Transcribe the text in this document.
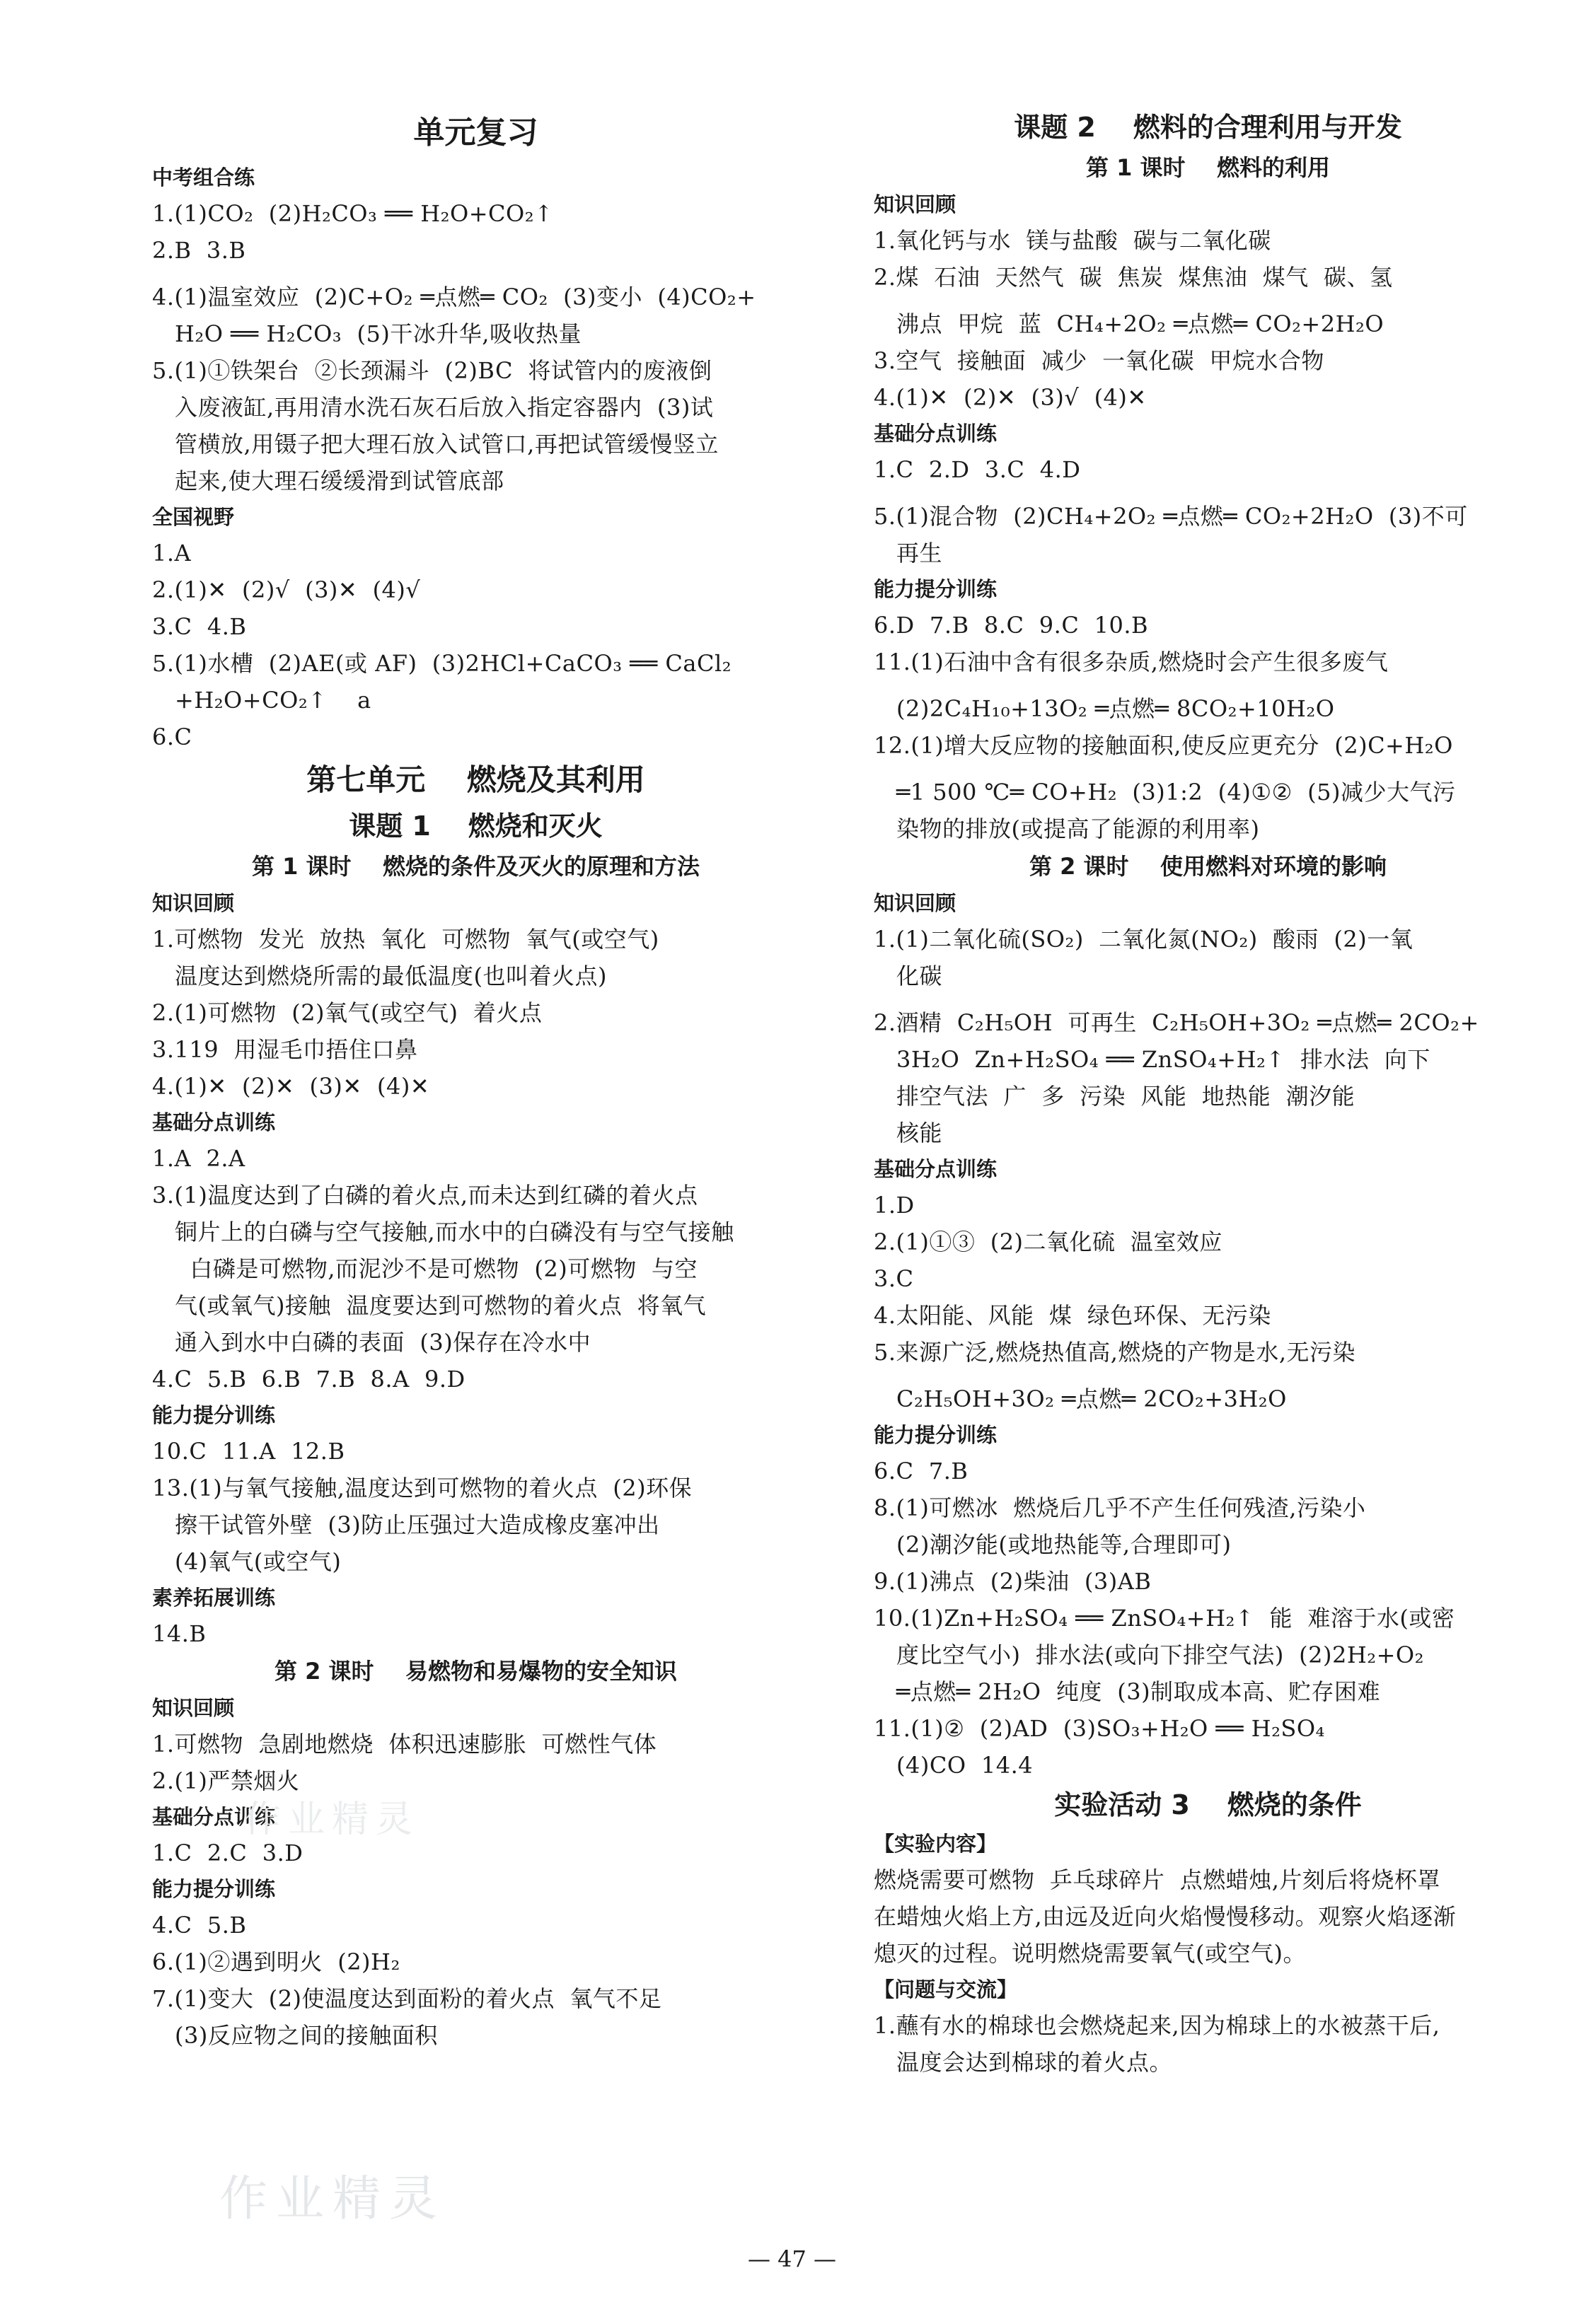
单元复习
中考组合练
1.(1)CO₂  (2)H₂CO₃ ══ H₂O+CO₂↑
2.B  3.B
4.(1)温室效应  (2)C+O₂ ═点燃═ CO₂  (3)变小  (4)CO₂+
H₂O ══ H₂CO₃  (5)干冰升华,吸收热量
5.(1)①铁架台  ②长颈漏斗  (2)BC  将试管内的废液倒
入废液缸,再用清水洗石灰石后放入指定容器内  (3)试
管横放,用镊子把大理石放入试管口,再把试管缓慢竖立
起来,使大理石缓缓滑到试管底部
全国视野
1.A
2.(1)✕  (2)√  (3)✕  (4)√
3.C  4.B
5.(1)水槽  (2)AE(或 AF)  (3)2HCl+CaCO₃ ══ CaCl₂
+H₂O+CO₂↑    a
6.C
第七单元    燃烧及其利用
课题 1    燃烧和灭火
第 1 课时    燃烧的条件及灭火的原理和方法
知识回顾
1.可燃物  发光  放热  氧化  可燃物  氧气(或空气)
温度达到燃烧所需的最低温度(也叫着火点)
2.(1)可燃物  (2)氧气(或空气)  着火点
3.119  用湿毛巾捂住口鼻
4.(1)✕  (2)✕  (3)✕  (4)✕
基础分点训练
1.A  2.A
3.(1)温度达到了白磷的着火点,而未达到红磷的着火点
铜片上的白磷与空气接触,而水中的白磷没有与空气接触
白磷是可燃物,而泥沙不是可燃物  (2)可燃物  与空
气(或氧气)接触  温度要达到可燃物的着火点  将氧气
通入到水中白磷的表面  (3)保存在冷水中
4.C  5.B  6.B  7.B  8.A  9.D
能力提分训练
10.C  11.A  12.B
13.(1)与氧气接触,温度达到可燃物的着火点  (2)环保
擦干试管外壁  (3)防止压强过大造成橡皮塞冲出
(4)氧气(或空气)
素养拓展训练
14.B
第 2 课时    易燃物和易爆物的安全知识
知识回顾
1.可燃物  急剧地燃烧  体积迅速膨胀  可燃性气体
2.(1)严禁烟火
基础分点训练
1.C  2.C  3.D
能力提分训练
4.C  5.B
6.(1)②遇到明火  (2)H₂
7.(1)变大  (2)使温度达到面粉的着火点  氧气不足
(3)反应物之间的接触面积
课题 2    燃料的合理利用与开发
第 1 课时    燃料的利用
知识回顾
1.氧化钙与水  镁与盐酸  碳与二氧化碳
2.煤  石油  天然气  碳  焦炭  煤焦油  煤气  碳、氢
沸点  甲烷  蓝  CH₄+2O₂ ═点燃═ CO₂+2H₂O
3.空气  接触面  减少  一氧化碳  甲烷水合物
4.(1)✕  (2)✕  (3)√  (4)✕
基础分点训练
1.C  2.D  3.C  4.D
5.(1)混合物  (2)CH₄+2O₂ ═点燃═ CO₂+2H₂O  (3)不可
再生
能力提分训练
6.D  7.B  8.C  9.C  10.B
11.(1)石油中含有很多杂质,燃烧时会产生很多废气
(2)2C₄H₁₀+13O₂ ═点燃═ 8CO₂+10H₂O
12.(1)增大反应物的接触面积,使反应更充分  (2)C+H₂O
═1 500 ℃═ CO+H₂  (3)1:2  (4)①②  (5)减少大气污
染物的排放(或提高了能源的利用率)
第 2 课时    使用燃料对环境的影响
知识回顾
1.(1)二氧化硫(SO₂)  二氧化氮(NO₂)  酸雨  (2)一氧
化碳
2.酒精  C₂H₅OH  可再生  C₂H₅OH+3O₂ ═点燃═ 2CO₂+
3H₂O  Zn+H₂SO₄ ══ ZnSO₄+H₂↑  排水法  向下
排空气法  广  多  污染  风能  地热能  潮汐能
核能
基础分点训练
1.D
2.(1)①③  (2)二氧化硫  温室效应
3.C
4.太阳能、风能  煤  绿色环保、无污染
5.来源广泛,燃烧热值高,燃烧的产物是水,无污染
C₂H₅OH+3O₂ ═点燃═ 2CO₂+3H₂O
能力提分训练
6.C  7.B
8.(1)可燃冰  燃烧后几乎不产生任何残渣,污染小
(2)潮汐能(或地热能等,合理即可)
9.(1)沸点  (2)柴油  (3)AB
10.(1)Zn+H₂SO₄ ══ ZnSO₄+H₂↑  能  难溶于水(或密
度比空气小)  排水法(或向下排空气法)  (2)2H₂+O₂
═点燃═ 2H₂O  纯度  (3)制取成本高、贮存困难
11.(1)②  (2)AD  (3)SO₃+H₂O ══ H₂SO₄
(4)CO  14.4
实验活动 3    燃烧的条件
【实验内容】
燃烧需要可燃物  乒乓球碎片  点燃蜡烛,片刻后将烧杯罩
在蜡烛火焰上方,由远及近向火焰慢慢移动。观察火焰逐渐
熄灭的过程。说明燃烧需要氧气(或空气)。
【问题与交流】
1.蘸有水的棉球也会燃烧起来,因为棉球上的水被蒸干后,
温度会达到棉球的着火点。
作业精灵
作业精灵
— 47 —
